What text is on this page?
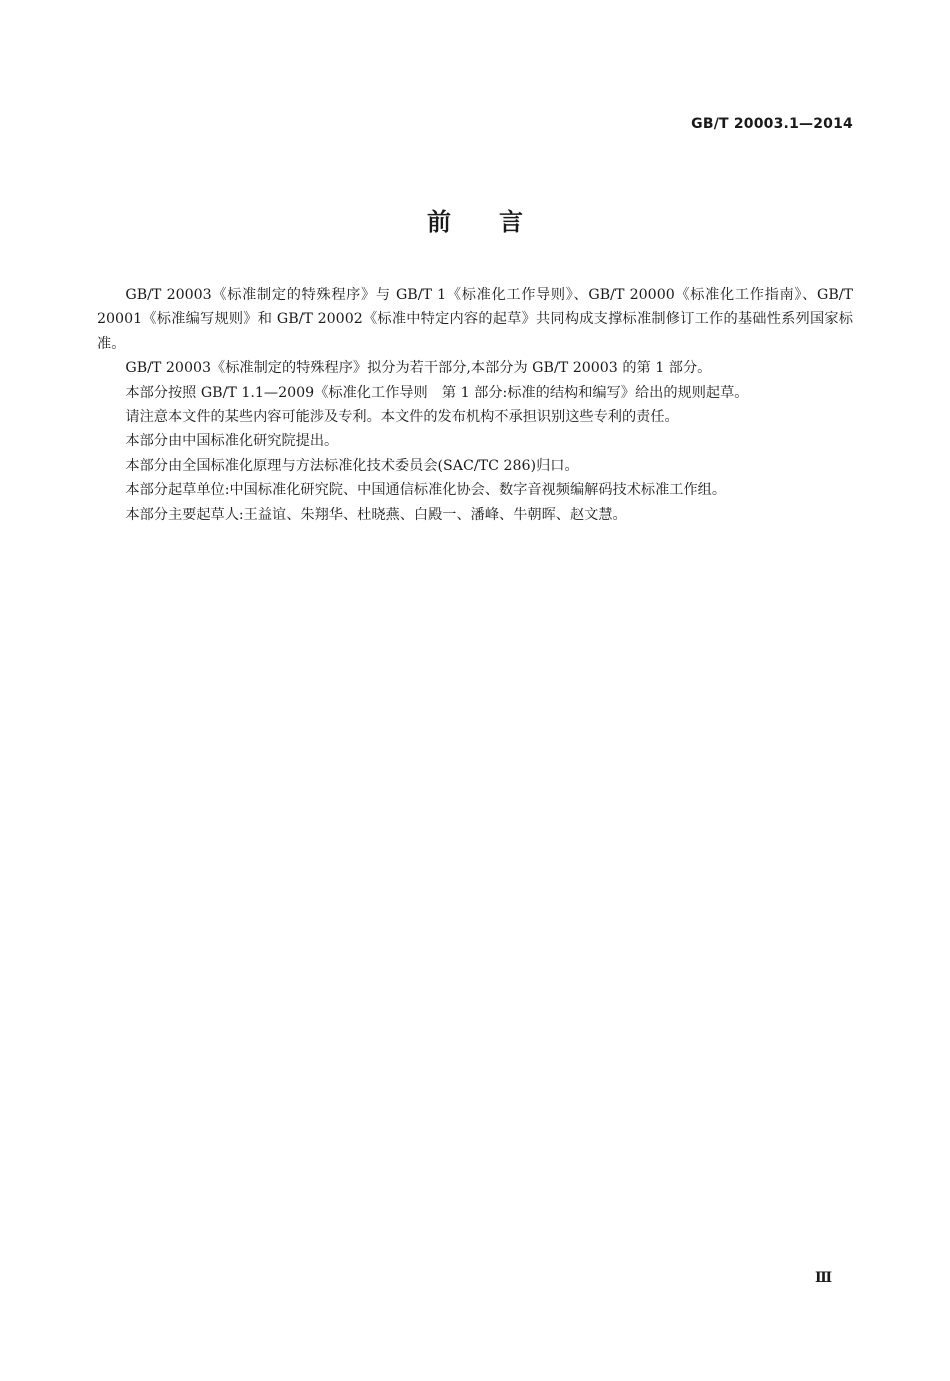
GB/T 20003.1—2014
前言

GB/T 20003《标准制定的特殊程序》与 GB/T 1《标准化工作导则》、GB/T 20000《标准化工作指南》、GB/T 20001《标准编写规则》和 GB/T 20002《标准中特定内容的起草》共同构成支撑标准制修订工作的基础性系列国家标准。

GB/T 20003《标准制定的特殊程序》拟分为若干部分,本部分为 GB/T 20003 的第 1 部分。

本部分按照 GB/T 1.1—2009《标准化工作导则　第 1 部分:标准的结构和编写》给出的规则起草。

请注意本文件的某些内容可能涉及专利。本文件的发布机构不承担识别这些专利的责任。

本部分由中国标准化研究院提出。

本部分由全国标准化原理与方法标准化技术委员会(SAC/TC 286)归口。

本部分起草单位:中国标准化研究院、中国通信标准化协会、数字音视频编解码技术标准工作组。

本部分主要起草人:王益谊、朱翔华、杜晓燕、白殿一、潘峰、牛朝晖、赵文慧。

Ⅲ
